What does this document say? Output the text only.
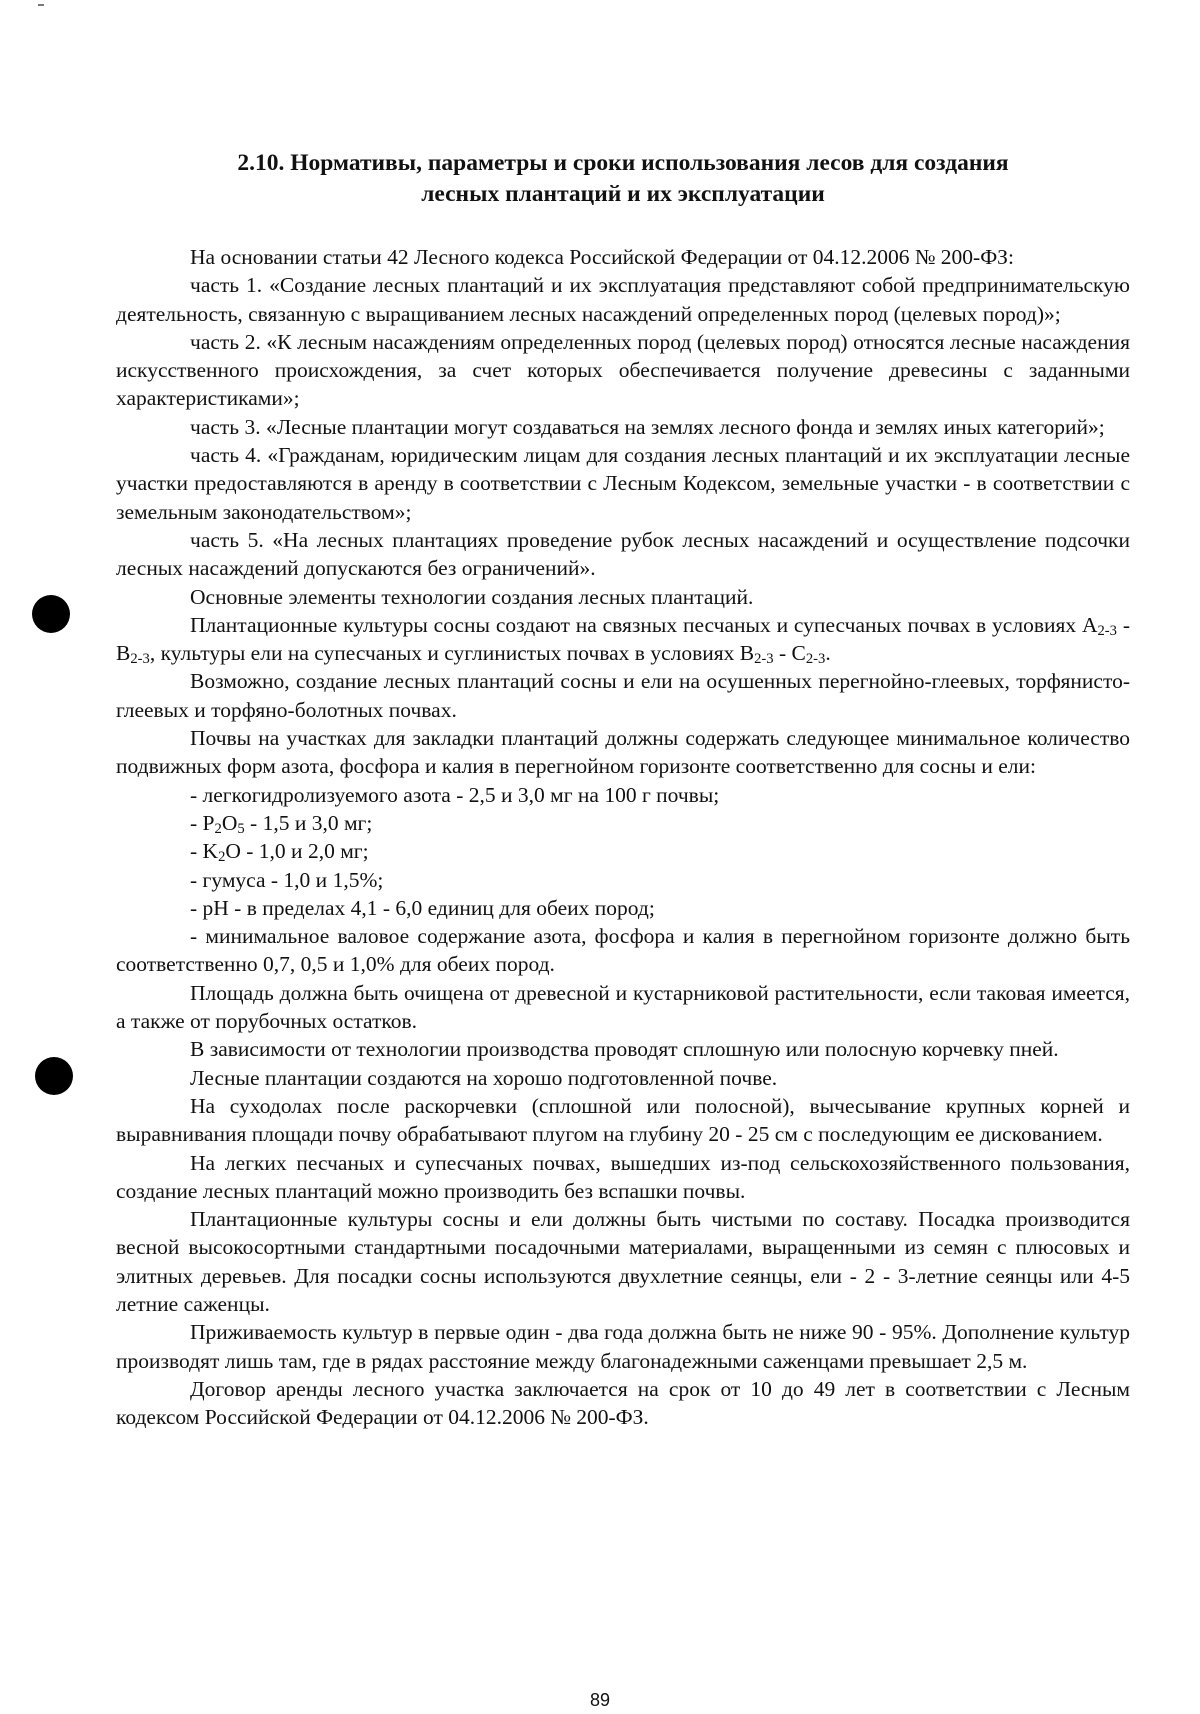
2.10. Нормативы, параметры и сроки использования лесов для создания
лесных плантаций и их эксплуатации

На основании статьи 42 Лесного кодекса Российской Федерации от 04.12.2006 № 200-ФЗ:

часть 1. «Создание лесных плантаций и их эксплуатация представляют собой предпринимательскую деятельность, связанную с выращиванием лесных насаждений определенных пород (целевых пород)»;

часть 2. «К лесным насаждениям определенных пород (целевых пород) относятся лесные насаждения искусственного происхождения, за счет которых обеспечивается получение древесины с заданными характеристиками»;

часть 3. «Лесные плантации могут создаваться на землях лесного фонда и землях иных категорий»;

часть 4. «Гражданам, юридическим лицам для создания лесных плантаций и их эксплуатации лесные участки предоставляются в аренду в соответствии с Лесным Кодексом, земельные участки - в соответствии с земельным законодательством»;

часть 5. «На лесных плантациях проведение рубок лесных насаждений и осуществление подсочки лесных насаждений допускаются без ограничений».

Основные элементы технологии создания лесных плантаций.

Плантационные культуры сосны создают на связных песчаных и супесчаных почвах в условиях $А_{2-3} - В_{2-3}$, культуры ели на супесчаных и суглинистых почвах в условиях $В_{2-3} - С_{2-3}$.

Возможно, создание лесных плантаций сосны и ели на осушенных перегнойно-глеевых, торфянисто-глеевых и торфяно-болотных почвах.

Почвы на участках для закладки плантаций должны содержать следующее минимальное количество подвижных форм азота, фосфора и калия в перегнойном горизонте соответственно для сосны и ели:

- легкогидролизуемого азота - 2,5 и 3,0 мг на 100 г почвы;

- $P_2O_5 - 1,5$ и 3,0 мг;

- $K_2O - 1,0$ и 2,0 мг;

- гумуса - 1,0 и 1,5%;

- pH - в пределах 4,1 - 6,0 единиц для обеих пород;

- минимальное валовое содержание азота, фосфора и калия в перегнойном горизонте должно быть соответственно 0,7, 0,5 и 1,0% для обеих пород.

Площадь должна быть очищена от древесной и кустарниковой растительности, если таковая имеется, а также от порубочных остатков.

В зависимости от технологии производства проводят сплошную или полосную корчевку пней.

Лесные плантации создаются на хорошо подготовленной почве.

На суходолах после раскорчевки (сплошной или полосной), вычесывание крупных корней и выравнивания площади почву обрабатывают плугом на глубину 20 - 25 см с последующим ее дискованием.

На легких песчаных и супесчаных почвах, вышедших из-под сельскохозяйственного пользования, создание лесных плантаций можно производить без вспашки почвы.

Плантационные культуры сосны и ели должны быть чистыми по составу. Посадка производится весной высокосортными стандартными посадочными материалами, выращенными из семян с плюсовых и элитных деревьев. Для посадки сосны используются двухлетние сеянцы, ели - 2 - 3-летние сеянцы или 4-5 летние саженцы.

Приживаемость культур в первые один - два года должна быть не ниже 90 - 95%. Дополнение культур производят лишь там, где в рядах расстояние между благонадежными саженцами превышает 2,5 м.

Договор аренды лесного участка заключается на срок от 10 до 49 лет в соответствии с Лесным кодексом Российской Федерации от 04.12.2006 № 200-ФЗ.

89
